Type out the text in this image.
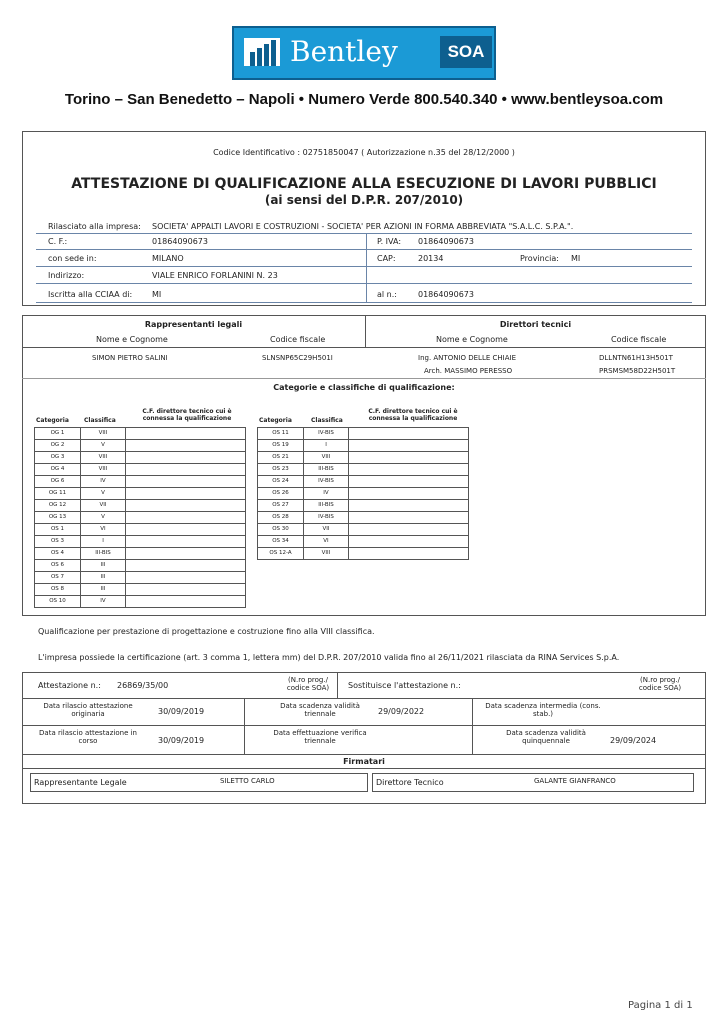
Bentley	SOA
Torino – San Benedetto – Napoli • Numero Verde 800.540.340 • www.bentleysoa.com
Codice Identificativo : 02751850047 ( Autorizzazione n.35 del 28/12/2000 )
ATTESTAZIONE DI QUALIFICAZIONE ALLA ESECUZIONE DI LAVORI PUBBLICI
(ai sensi del D.P.R. 207/2010)
Rilasciato alla impresa: SOCIETA' APPALTI LAVORI E COSTRUZIONI - SOCIETA' PER AZIONI IN FORMA ABBREVIATA "S.A.L.C. S.P.A.".
C. F.:	01864090673	P. IVA: 01864090673
con sede in:	MILANO	CAP:	20134	Provincia: MI
Indirizzo:	VIALE ENRICO FORLANINI N. 23
Iscritta alla CCIAA di: MI	al n.:	01864090673
Rappresentanti legali	Direttori tecnici
Nome e Cognome	Codice fiscale	Nome e Cognome	Codice fiscale
SIMON PIETRO SALINI	SLNSNP65C29H501I	Ing. ANTONIO DELLE CHIAIE	DLLNTN61H13H501T
Arch. MASSIMO PERESSO	PRSMSM58D22H501T
Categorie e classifiche di qualificazione:
Categoria	Classifica
C.F. direttore tecnico cui è connessa la qualificazione	Categoria	Classifica
C.F. direttore tecnico cui è connessa la qualificazione
OG 1	VIII	
OG 2	V	
OG 3	VIII	
OG 4	VIII	
OG 6	IV	
OG 11	V	
OG 12	VII	
OG 13	V	
OS 1	VI	
OS 3	I	
OS 4	III-BIS	
OS 6	III	
OS 7	III	
OS 8	III	
OS 10	IV	
OS 11	IV-BIS	
OS 19	I	
OS 21	VIII	
OS 23	III-BIS	
OS 24	IV-BIS	
OS 26	IV	
OS 27	III-BIS	
OS 28	IV-BIS	
OS 30	VII	
OS 34	VI	
OS 12-A	VIII	
Qualificazione per prestazione di progettazione e costruzione fino alla VIII classifica.
L'impresa possiede la certificazione (art. 3 comma 1, lettera mm) del D.P.R. 207/2010 valida fino al 26/11/2021 rilasciata da RINA Services S.p.A.
Attestazione n.: 26869/35/00
(N.ro prog./ codice SOA)	Sostituisce l'attestazione n.:
(N.ro prog./ codice SOA)
Data rilascio attestazione originaria	30/09/2019
Data scadenza validità triennale	29/09/2022
Data scadenza intermedia (cons. stab.)
Data rilascio attestazione in corso	30/09/2019
Data effettuazione verifica triennale
Data scadenza validità quinquennale	29/09/2024
Firmatari
Rappresentante Legale	SILETTO CARLO	Direttore Tecnico	GALANTE GIANFRANCO
Pagina 1 di 1
